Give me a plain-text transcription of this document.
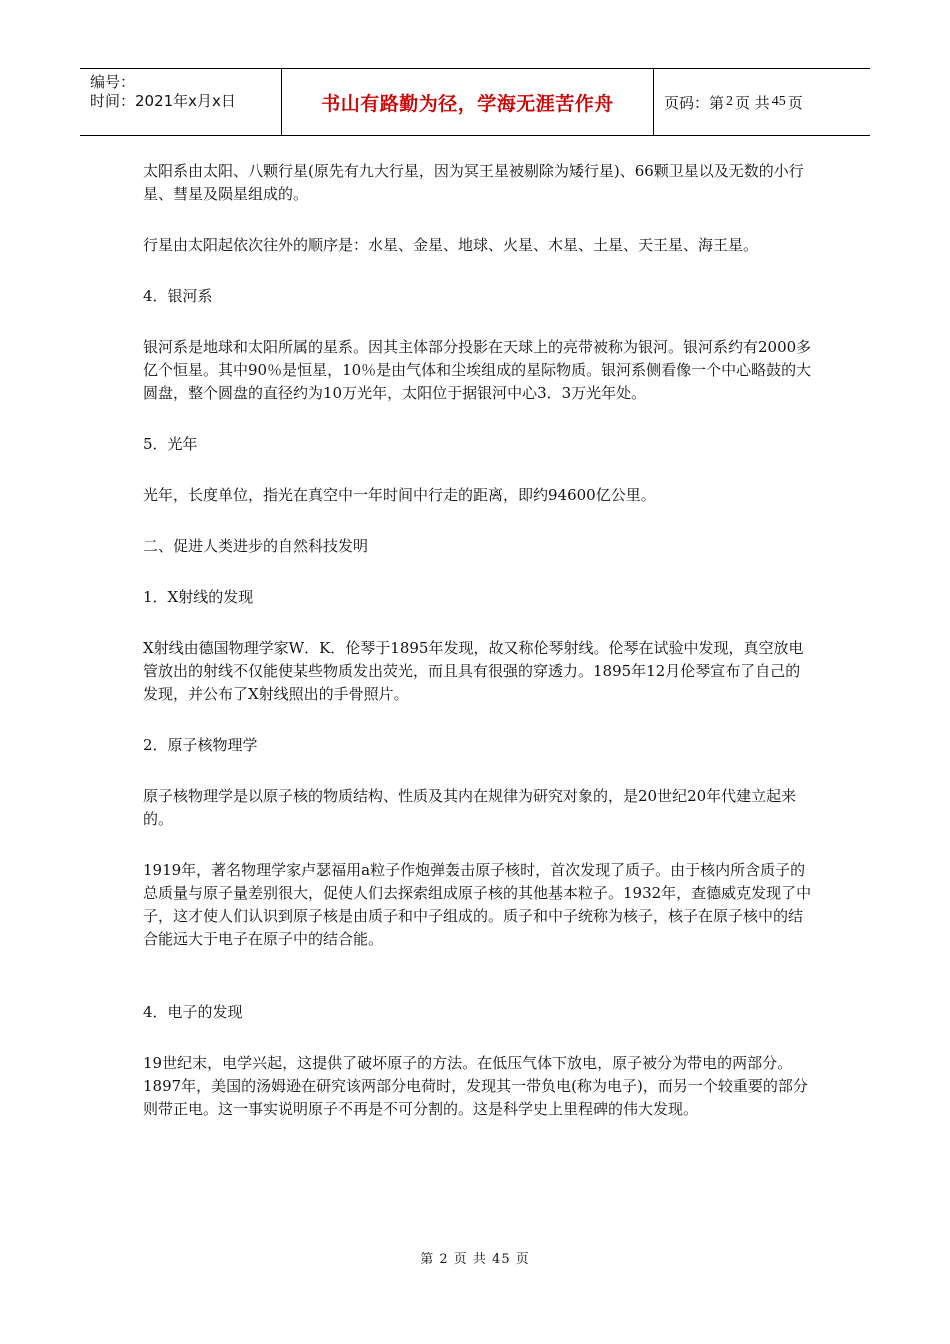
编号：
时间：2021年x月x日	书山有路勤为径，学海无涯苦作舟	页码：第 2 页 共 45 页

太阳系由太阳、八颗行星(原先有九大行星，因为冥王星被剔除为矮行星)、66颗卫星以及无数的小行星、彗星及陨星组成的。

行星由太阳起依次往外的顺序是：水星、金星、地球、火星、木星、土星、天王星、海王星。

4．银河系

银河系是地球和太阳所属的星系。因其主体部分投影在天球上的亮带被称为银河。银河系约有2000多亿个恒星。其中90％是恒星，10％是由气体和尘埃组成的星际物质。银河系侧看像一个中心略鼓的大圆盘，整个圆盘的直径约为10万光年，太阳位于据银河中心3．3万光年处。

5．光年

光年，长度单位，指光在真空中一年时间中行走的距离，即约94600亿公里。

二、促进人类进步的自然科技发明

1．X射线的发现

X射线由德国物理学家W．K．伦琴于1895年发现，故又称伦琴射线。伦琴在试验中发现，真空放电管放出的射线不仅能使某些物质发出荧光，而且具有很强的穿透力。1895年12月伦琴宣布了自己的发现，并公布了X射线照出的手骨照片。

2．原子核物理学

原子核物理学是以原子核的物质结构、性质及其内在规律为研究对象的，是20世纪20年代建立起来的。

1919年，著名物理学家卢瑟福用a粒子作炮弹轰击原子核时，首次发现了质子。由于核内所含质子的总质量与原子量差别很大，促使人们去探索组成原子核的其他基本粒子。1932年，查德威克发现了中子，这才使人们认识到原子核是由质子和中子组成的。质子和中子统称为核子，核子在原子核中的结合能远大于电子在原子中的结合能。

4．电子的发现

19世纪末，电学兴起，这提供了破坏原子的方法。在低压气体下放电，原子被分为带电的两部分。1897年，美国的汤姆逊在研究该两部分电荷时，发现其一带负电(称为电子)，而另一个较重要的部分则带正电。这一事实说明原子不再是不可分割的。这是科学史上里程碑的伟大发现。

第 2 页 共 45 页
